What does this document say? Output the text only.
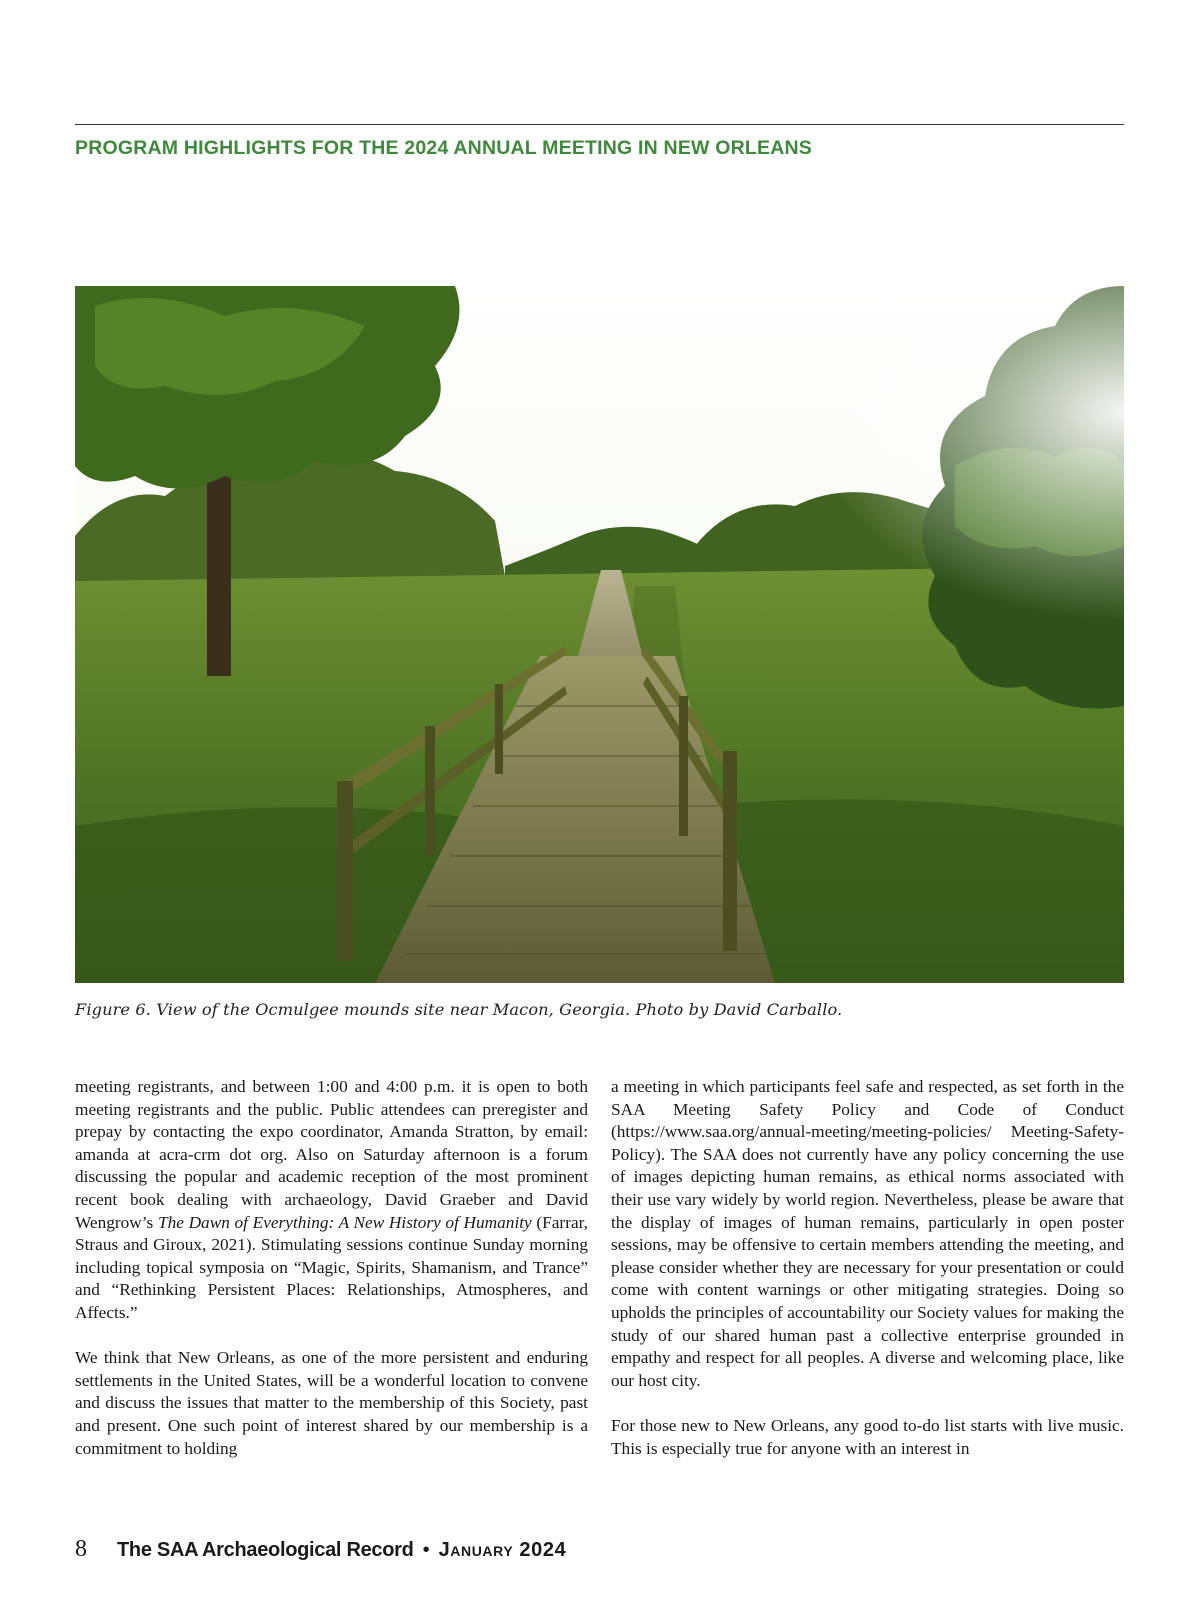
PROGRAM HIGHLIGHTS FOR THE 2024 ANNUAL MEETING IN NEW ORLEANS

Figure 6. View of the Ocmulgee mounds site near Macon, Georgia. Photo by David Carballo.

meeting registrants, and between 1:00 and 4:00 p.m. it is open to both meeting registrants and the public. Public attendees can preregister and prepay by contacting the expo coordinator, Amanda Stratton, by email: amanda at acra-crm dot org. Also on Saturday afternoon is a forum discussing the popular and academic reception of the most prominent recent book dealing with archaeology, David Graeber and David Wengrow’s The Dawn of Everything: A New History of Humanity (Farrar, Straus and Giroux, 2021). Stimulating sessions continue Sunday morning including topical symposia on “Magic, Spirits, Shamanism, and Trance” and “Rethinking Persistent Places: Relationships, Atmospheres, and Affects.”

We think that New Orleans, as one of the more persistent and enduring settlements in the United States, will be a wonderful location to convene and discuss the issues that matter to the membership of this Society, past and present. One such point of interest shared by our membership is a commitment to holding

a meeting in which participants feel safe and respected, as set forth in the SAA Meeting Safety Policy and Code of Conduct (https://www.saa.org/annual-meeting/meeting-policies/ Meeting-Safety-Policy). The SAA does not currently have any policy concerning the use of images depicting human remains, as ethical norms associated with their use vary widely by world region. Nevertheless, please be aware that the display of images of human remains, particularly in open poster sessions, may be offensive to certain members attending the meeting, and please consider whether they are necessary for your presentation or could come with content warnings or other mitigating strategies. Doing so upholds the principles of accountability our Society values for making the study of our shared human past a collective enterprise grounded in empathy and respect for all peoples. A diverse and welcoming place, like our host city.

For those new to New Orleans, any good to-do list starts with live music. This is especially true for anyone with an interest in

8 The SAA Archaeological Record • January 2024
